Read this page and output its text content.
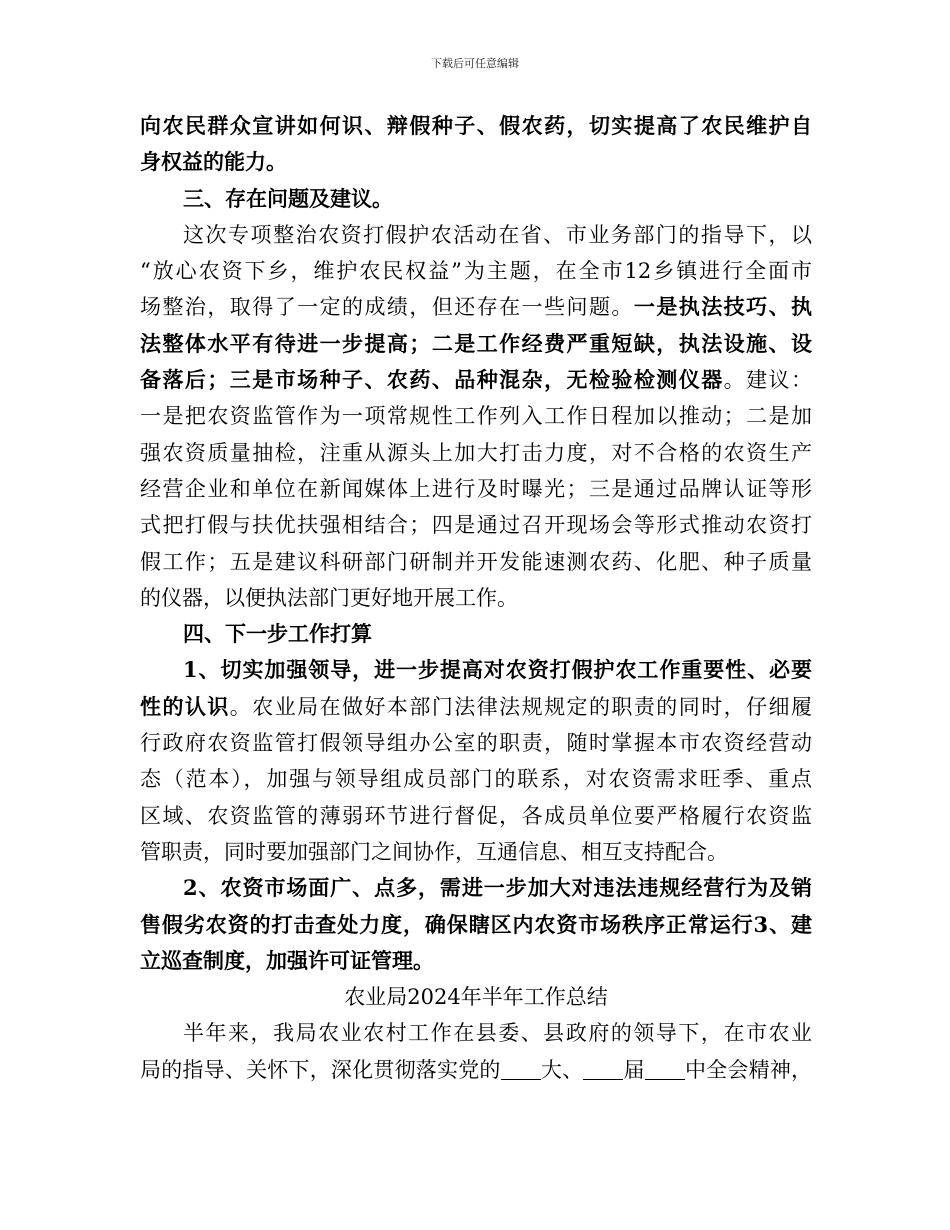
下载后可任意编辑
向农民群众宣讲如何识、辩假种子、假农药，切实提高了农民维护自
身权益的能力。
三、存在问题及建议。
这次专项整治农资打假护农活动在省、市业务部门的指导下，以
“放心农资下乡，维护农民权益”为主题，在全市12乡镇进行全面市
场整治，取得了一定的成绩，但还存在一些问题。一是执法技巧、执
法整体水平有待进一步提高；二是工作经费严重短缺，执法设施、设
备落后；三是市场种子、农药、品种混杂，无检验检测仪器。建议：
一是把农资监管作为一项常规性工作列入工作日程加以推动；二是加
强农资质量抽检，注重从源头上加大打击力度，对不合格的农资生产
经营企业和单位在新闻媒体上进行及时曝光；三是通过品牌认证等形
式把打假与扶优扶强相结合；四是通过召开现场会等形式推动农资打
假工作；五是建议科研部门研制并开发能速测农药、化肥、种子质量
的仪器，以便执法部门更好地开展工作。
四、下一步工作打算
1、切实加强领导，进一步提高对农资打假护农工作重要性、必要
性的认识。农业局在做好本部门法律法规规定的职责的同时，仔细履
行政府农资监管打假领导组办公室的职责，随时掌握本市农资经营动
态（范本），加强与领导组成员部门的联系，对农资需求旺季、重点
区域、农资监管的薄弱环节进行督促，各成员单位要严格履行农资监
管职责，同时要加强部门之间协作，互通信息、相互支持配合。
2、农资市场面广、点多，需进一步加大对违法违规经营行为及销
售假劣农资的打击查处力度，确保瞎区内农资市场秩序正常运行3、建
立巡查制度，加强许可证管理。
农业局2024年半年工作总结
半年来，我局农业农村工作在县委、县政府的领导下，在市农业
局的指导、关怀下，深化贯彻落实党的 大、 届 中全会精神，
